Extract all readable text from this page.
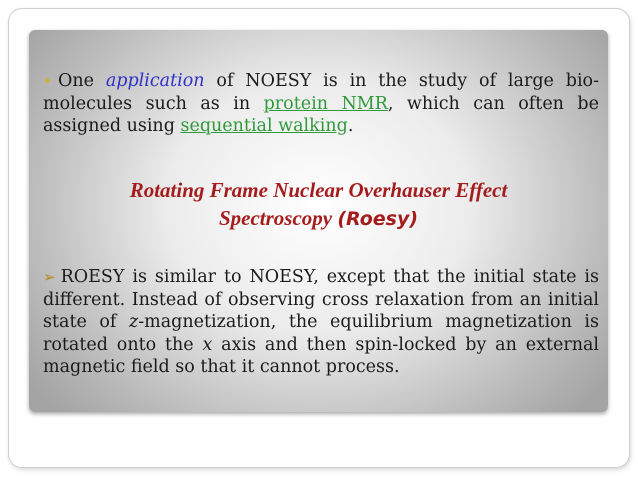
One application of NOESY is in the study of large bio-molecules such as in protein NMR, which can often be assigned using sequential walking.
Rotating Frame Nuclear Overhauser Effect
Spectroscopy (Roesy)
➢ ROESY is similar to NOESY, except that the initial state is different. Instead of observing cross relaxation from an initial state of z-magnetization, the equilibrium magnetization is rotated onto the x axis and then spin-locked by an external magnetic field so that it cannot process.
